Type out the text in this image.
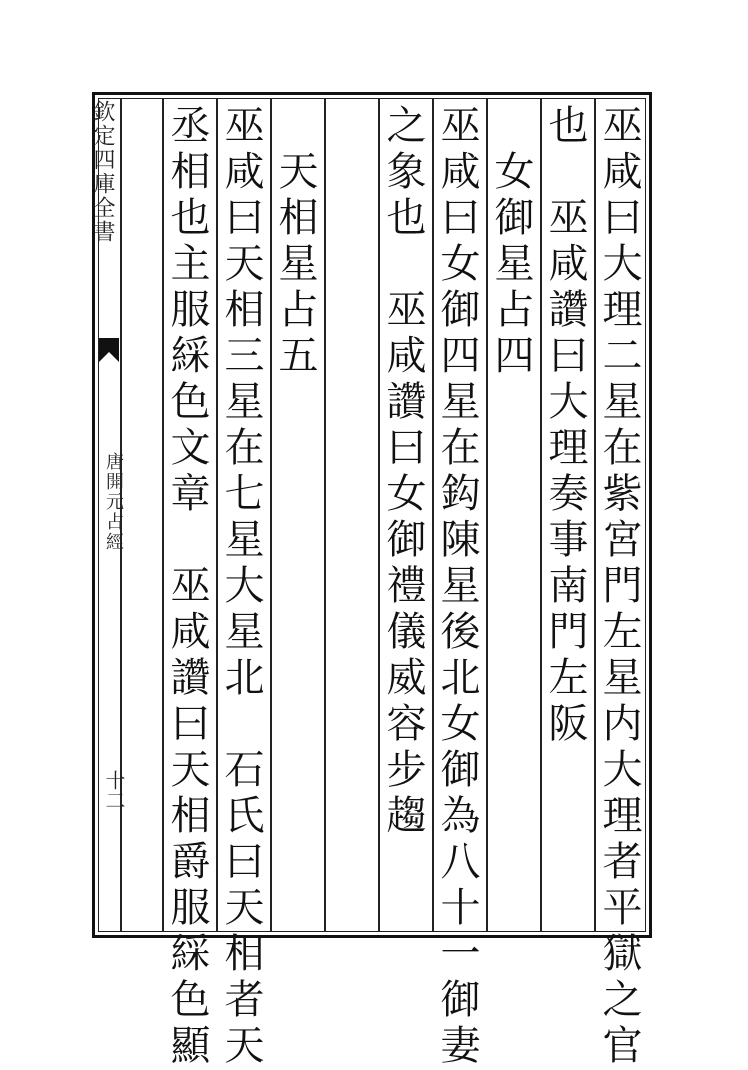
巫咸曰大理二星在紫宮門左星内大理者平獄之官
也　巫咸讚曰大理奏事南門左阪
　女御星占四
巫咸曰女御四星在鈎陳星後北女御為八十一御妻
之象也　巫咸讚曰女御禮儀威容步趨
　天相星占五
巫咸曰天相三星在七星大星北　石氏曰天相者天
丞相也主服綵色文章　巫咸讚曰天相爵服綵色顯
欽定四庫全書
唐開元占經
十二
